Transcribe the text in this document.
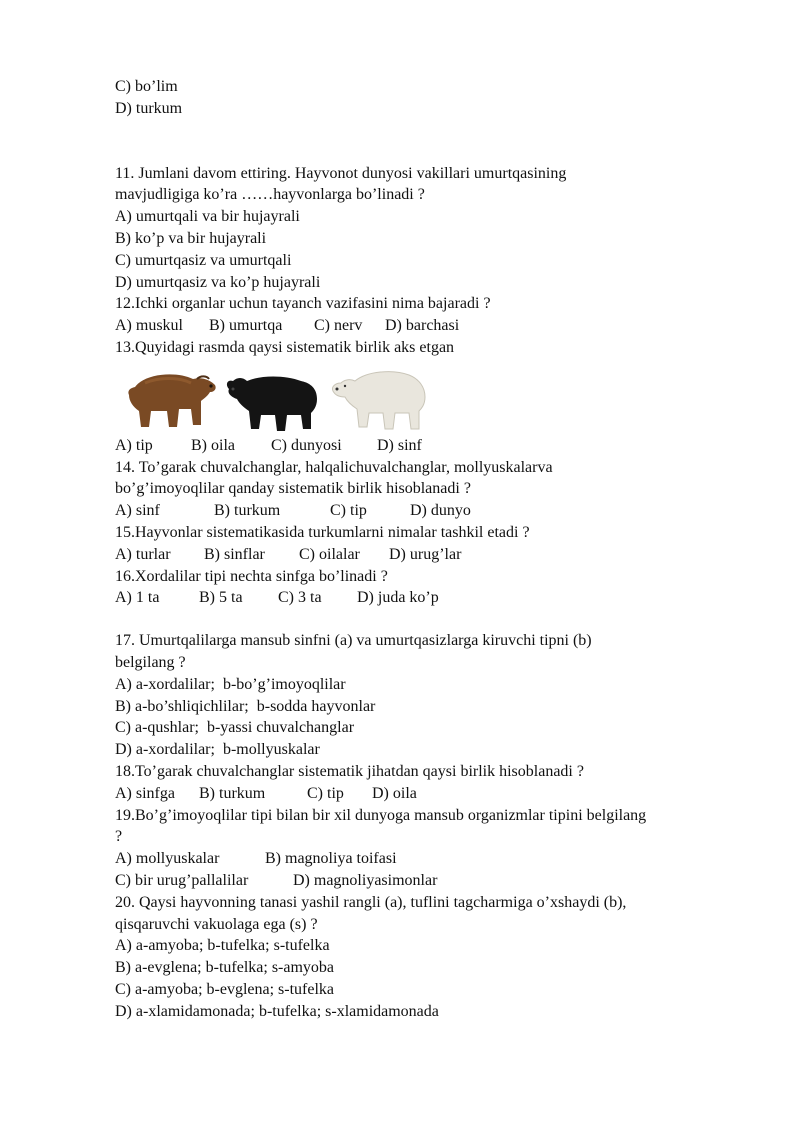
C) bo’lim
D) turkum
11. Jumlani davom ettiring. Hayvonot dunyosi vakillari umurtqasining
mavjudligiga ko’ra ……hayvonlarga bo’linadi ?
A) umurtqali va bir hujayrali
B) ko’p va bir hujayrali
C) umurtqasiz va umurtqali
D) umurtqasiz va ko’p hujayrali
12.Ichki organlar uchun tayanch vazifasini nima bajaradi ?
A) muskul B) umurtqa C) nerv D) barchasi
13.Quyidagi rasmda qaysi sistematik birlik aks etgan
A) tip B) oila C) dunyosi D) sinf
14. To’garak chuvalchanglar, halqalichuvalchanglar, mollyuskalarva
bo’g’imoyoqlilar qanday sistematik birlik hisoblanadi ?
A) sinf	B) turkum	C) tip	D) dunyo
15.Hayvonlar sistematikasida turkumlarni nimalar tashkil etadi ?
A) turlar B) sinflar C) oilalar D) urug’lar
16.Xordalilar tipi nechta sinfga bo’linadi ?
A) 1 ta B) 5 ta C) 3 ta D) juda ko’p
17. Umurtqalilarga mansub sinfni (a) va umurtqasizlarga kiruvchi tipni (b)
belgilang ?
A) a-xordalilar;  b-bo’g’imoyoqlilar
B) a-bo’shliqichlilar;  b-sodda hayvonlar
C) a-qushlar;  b-yassi chuvalchanglar
D) a-xordalilar;  b-mollyuskalar
18.To’garak chuvalchanglar sistematik jihatdan qaysi birlik hisoblanadi ?
A) sinfga B) turkum	C) tip D) oila
19.Bo’g’imoyoqlilar tipi bilan bir xil dunyoga mansub organizmlar tipini belgilang
?
A) mollyuskalar	B) magnoliya toifasi
C) bir urug’pallalilar	D) magnoliyasimonlar
20. Qaysi hayvonning tanasi yashil rangli (a), tuflini tagcharmiga o’xshaydi (b),
qisqaruvchi vakuolaga ega (s) ?
A) a-amyoba; b-tufelka; s-tufelka
B) a-evglena; b-tufelka; s-amyoba
C) a-amyoba; b-evglena; s-tufelka
D) a-xlamidamonada; b-tufelka; s-xlamidamonada
